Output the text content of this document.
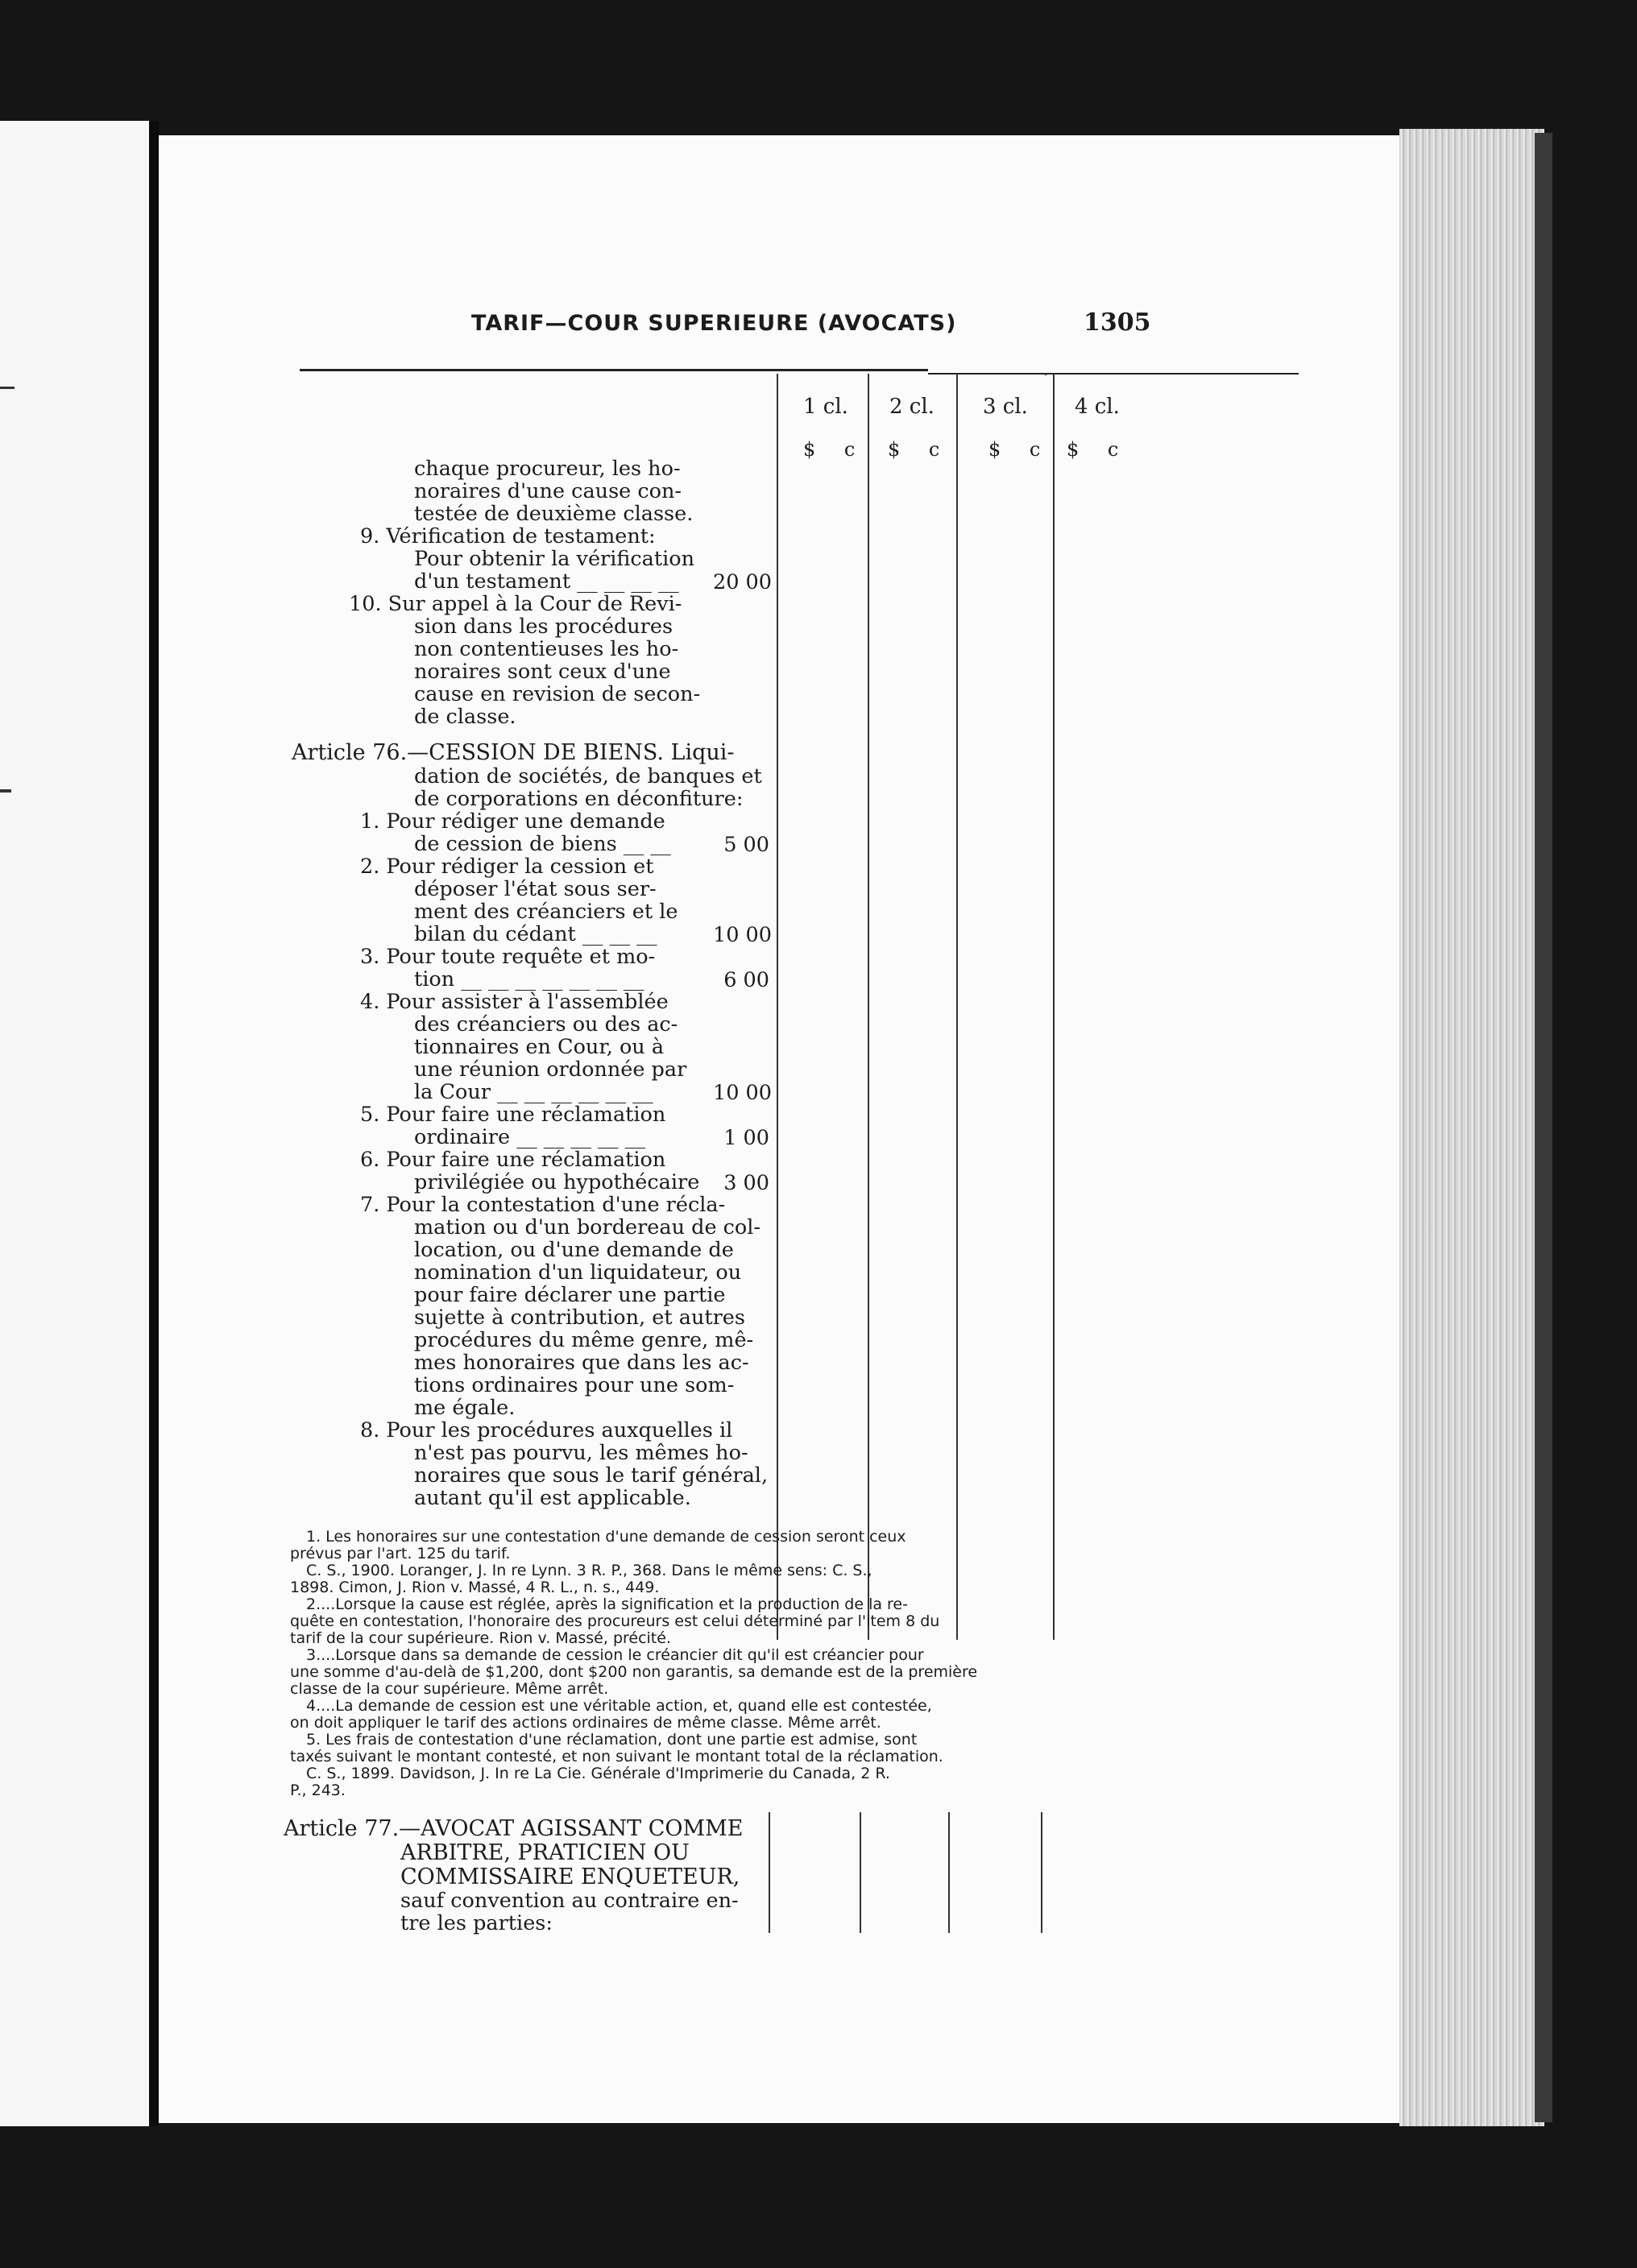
TARIF—COUR SUPERIEURE (AVOCATS)	1305
1 cl. 2 cl. 3 cl. 4 cl.
$ c $ c $ c $ c
chaque procureur, les ho-
noraires d'une cause con-
testée de deuxième classe.
9. Vérification de testament:
Pour obtenir la vérification
d'un testament __ __ __ __ 20 00
10. Sur appel à la Cour de Revi-
sion dans les procédures
non contentieuses les ho-
noraires sont ceux d'une
cause en revision de secon-
de classe.
Article 76.—CESSION DE BIENS. Liqui-
dation de sociétés, de banques et
de corporations en déconfiture:
1. Pour rédiger une demande
de cession de biens __ __	5 00
2. Pour rédiger la cession et
déposer l'état sous ser-
ment des créanciers et le
bilan du cédant __ __ __	10 00
3. Pour toute requête et mo-
tion __ __ __ __ __ __ __	6 00
4. Pour assister à l'assemblée
des créanciers ou des ac-
tionnaires en Cour, ou à
une réunion ordonnée par
la Cour __ __ __ __ __ __	10 00
5. Pour faire une réclamation
ordinaire __ __ __ __ __	1 00
6. Pour faire une réclamation
privilégiée ou hypothécaire	3 00
7. Pour la contestation d'une récla-
mation ou d'un bordereau de col-
location, ou d'une demande de
nomination d'un liquidateur, ou
pour faire déclarer une partie
sujette à contribution, et autres
procédures du même genre, mê-
mes honoraires que dans les ac-
tions ordinaires pour une som-
me égale.
8. Pour les procédures auxquelles il
n'est pas pourvu, les mêmes ho-
noraires que sous le tarif général,
autant qu'il est applicable.
1. Les honoraires sur une contestation d'une demande de cession seront ceux
prévus par l'art. 125 du tarif.
C. S., 1900. Loranger, J. In re Lynn. 3 R. P., 368. Dans le même sens: C. S.,
1898. Cimon, J. Rion v. Massé, 4 R. L., n. s., 449.
2....Lorsque la cause est réglée, après la signification et la production de la re-
quête en contestation, l'honoraire des procureurs est celui déterminé par l'item 8 du
tarif de la cour supérieure. Rion v. Massé, précité.
3....Lorsque dans sa demande de cession le créancier dit qu'il est créancier pour
une somme d'au-delà de $1,200, dont $200 non garantis, sa demande est de la première
classe de la cour supérieure. Même arrêt.
4....La demande de cession est une véritable action, et, quand elle est contestée,
on doit appliquer le tarif des actions ordinaires de même classe. Même arrêt.
5. Les frais de contestation d'une réclamation, dont une partie est admise, sont
taxés suivant le montant contesté, et non suivant le montant total de la réclamation.
C. S., 1899. Davidson, J. In re La Cie. Générale d'Imprimerie du Canada, 2 R.
P., 243.
Article 77.—AVOCAT AGISSANT COMME
ARBITRE, PRATICIEN OU
COMMISSAIRE ENQUETEUR,
sauf convention au contraire en-
tre les parties:
